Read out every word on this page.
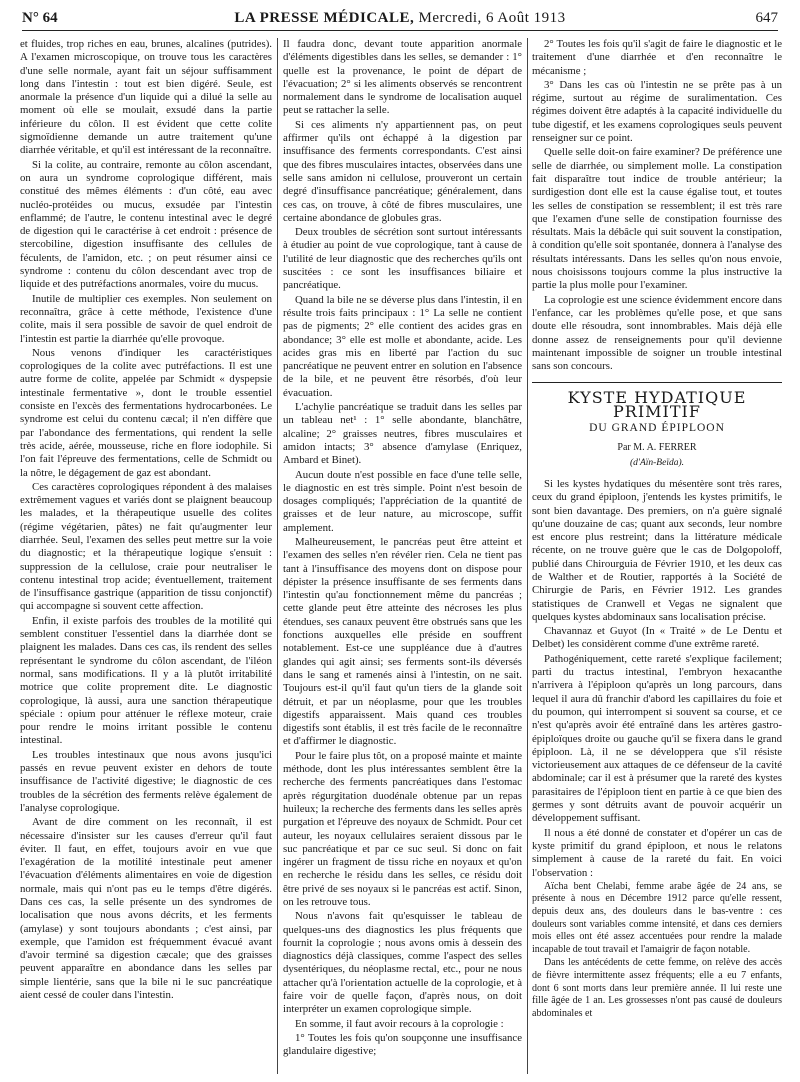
N° 64	LA PRESSE MÉDICALE, Mercredi, 6 Août 1913	647

et fluides, trop riches en eau, brunes, alcalines (putrides). A l'examen microscopique, on trouve tous les caractères d'une selle normale, ayant fait un séjour suffisamment long dans l'intestin : tout est bien digéré. Seule, est anormale la présence d'un liquide qui a dilué la selle au moment où elle se moulait, exsudé dans la partie inférieure du côlon. Il est évident que cette colite sigmoïdienne demande un autre traitement qu'une diarrhée véritable, et qu'il est intéressant de la reconnaître.

Si la colite, au contraire, remonte au côlon ascendant, on aura un syndrome coprologique différent, mais constitué des mêmes éléments : d'un côté, eau avec nucléo-protéides ou mucus, exsudée par l'intestin enflammé; de l'autre, le contenu intestinal avec le degré de digestion qui le caractérise à cet endroit : présence de stercobiline, digestion insuffisante des cellules de féculents, de l'amidon, etc. ; on peut résumer ainsi ce syndrome : contenu du côlon descendant avec trop de liquide et des putréfactions anormales, voire du mucus.

Inutile de multiplier ces exemples. Non seulement on reconnaîtra, grâce à cette méthode, l'existence d'une colite, mais il sera possible de savoir de quel endroit de l'intestin est partie la diarrhée qu'elle provoque.

Nous venons d'indiquer les caractéristiques coprologiques de la colite avec putréfactions. Il est une autre forme de colite, appelée par Schmidt « dyspepsie intestinale fermentative », dont le trouble essentiel consiste en l'excès des fermentations hydrocarbonées. Le syndrome est celui du contenu cæcal; il n'en diffère que par l'abondance des fermentations, qui rendent la selle très acide, aérée, mousseuse, riche en flore iodophile. Si l'on fait l'épreuve des fermentations, celle de Schmidt ou la nôtre, le dégagement de gaz est abondant.

Ces caractères coprologiques répondent à des malaises extrêmement vagues et variés dont se plaignent beaucoup les malades, et la thérapeutique usuelle des colites (régime végétarien, pâtes) ne fait qu'augmenter leur diarrhée. Seul, l'examen des selles peut mettre sur la voie du diagnostic; et la thérapeutique logique s'ensuit : suppression de la cellulose, craie pour neutraliser le contenu intestinal trop acide; éventuellement, traitement de l'insuffisance gastrique (apparition de tissu conjonctif) qui accompagne si souvent cette affection.

Enfin, il existe parfois des troubles de la motilité qui semblent constituer l'essentiel dans la diarrhée dont se plaignent les malades. Dans ces cas, ils rendent des selles représentant le syndrome du côlon ascendant, de l'iléon normal, sans modifications. Il y a là plutôt irritabilité motrice que colite proprement dite. Le diagnostic coprologique, là aussi, aura une sanction thérapeutique spéciale : opium pour atténuer le réflexe moteur, craie pour rendre le moins irritant possible le contenu intestinal.

Les troubles intestinaux que nous avons jusqu'ici passés en revue peuvent exister en dehors de toute insuffisance de l'activité digestive; le diagnostic de ces troubles de la sécrétion des ferments relève également de l'analyse coprologique.

Avant de dire comment on les reconnaît, il est nécessaire d'insister sur les causes d'erreur qu'il faut éviter. Il faut, en effet, toujours avoir en vue que l'exagération de la motilité intestinale peut amener l'évacuation d'éléments alimentaires en voie de digestion normale, mais qui n'ont pas eu le temps d'être digérés. Dans ces cas, la selle présente un des syndromes de localisation que nous avons décrits, et les ferments (amylase) y sont toujours abondants ; c'est ainsi, par exemple, que l'amidon est fréquemment évacué avant d'avoir terminé sa digestion cæcale; que des graisses peuvent apparaître en abondance dans les selles par simple lientérie, sans que la bile ni le suc pancréatique aient cessé de couler dans l'intestin.

Il faudra donc, devant toute apparition anormale d'éléments digestibles dans les selles, se demander : 1° quelle est la provenance, le point de départ de l'évacuation; 2° si les aliments observés se rencontrent normalement dans le syndrome de localisation auquel peut se rattacher la selle.

Si ces aliments n'y appartiennent pas, on peut affirmer qu'ils ont échappé à la digestion par insuffisance des ferments correspondants. C'est ainsi que des fibres musculaires intactes, observées dans une selle sans amidon ni cellulose, prouveront un certain degré d'insuffisance pancréatique; généralement, dans ces cas, on trouve, à côté de fibres musculaires, une certaine abondance de globules gras.

Deux troubles de sécrétion sont surtout intéressants à étudier au point de vue coprologique, tant à cause de l'utilité de leur diagnostic que des recherches qu'ils ont suscitées : ce sont les insuffisances biliaire et pancréatique.

Quand la bile ne se déverse plus dans l'intestin, il en résulte trois faits principaux : 1° La selle ne contient pas de pigments; 2° elle contient des acides gras en abondance; 3° elle est molle et abondante, acide. Les acides gras mis en liberté par l'action du suc pancréatique ne peuvent entrer en solution en l'absence de la bile, et ne peuvent être résorbés, d'où leur évacuation.

L'achylie pancréatique se traduit dans les selles par un tableau net¹ : 1° selle abondante, blanchâtre, alcaline; 2° graisses neutres, fibres musculaires et amidon intacts; 3° absence d'amylase (Enriquez, Ambard et Binet).

Aucun doute n'est possible en face d'une telle selle, le diagnostic en est très simple. Point n'est besoin de dosages compliqués; l'appréciation de la quantité de graisses et de leur nature, au microscope, suffit amplement.

Malheureusement, le pancréas peut être atteint et l'examen des selles n'en révéler rien. Cela ne tient pas tant à l'insuffisance des moyens dont on dispose pour dépister la présence insuffisante de ses ferments dans l'intestin qu'au fonctionnement même du pancréas ; cette glande peut être atteinte des nécroses les plus étendues, ses canaux peuvent être obstrués sans que les fonctions auxquelles elle préside en souffrent notablement. Est-ce une suppléance due à d'autres glandes qui agit ainsi; ses ferments sont-ils déversés dans le sang et ramenés ainsi à l'intestin, on ne sait. Toujours est-il qu'il faut qu'un tiers de la glande soit détruit, et par un néoplasme, pour que les troubles digestifs apparaissent. Mais quand ces troubles digestifs sont établis, il est très facile de le reconnaître et d'affirmer le diagnostic.

Pour le faire plus tôt, on a proposé mainte et mainte méthode, dont les plus intéressantes semblent être la recherche des ferments pancréatiques dans l'estomac après régurgitation duodénale obtenue par un repas huileux; la recherche des ferments dans les selles après purgation et l'épreuve des noyaux de Schmidt. Pour cet auteur, les noyaux cellulaires seraient dissous par le suc pancréatique et par ce suc seul. Si donc on fait ingérer un fragment de tissu riche en noyaux et qu'on en recherche le résidu dans les selles, ce résidu doit être privé de ses noyaux si le pancréas est actif. Sinon, on les retrouve tous.

Nous n'avons fait qu'esquisser le tableau de quelques-uns des diagnostics les plus fréquents que fournit la coprologie ; nous avons omis à dessein des diagnostics déjà classiques, comme l'aspect des selles dysentériques, du néoplasme rectal, etc., pour ne nous attacher qu'à l'orientation actuelle de la coprologie, et à faire voir de quelle façon, d'après nous, on doit interpréter un examen coprologique simple.

En somme, il faut avoir recours à la coprologie :

1° Toutes les fois qu'on soupçonne une insuffisance glandulaire digestive;

2° Toutes les fois qu'il s'agit de faire le diagnostic et le traitement d'une diarrhée et d'en reconnaître le mécanisme ;

3° Dans les cas où l'intestin ne se prête pas à un régime, surtout au régime de suralimentation. Ces régimes doivent être adaptés à la capacité individuelle du tube digestif, et les examens coprologiques seuls peuvent renseigner sur ce point.

Quelle selle doit-on faire examiner? De préférence une selle de diarrhée, ou simplement molle. La constipation fait disparaître tout indice de trouble antérieur; la surdigestion dont elle est la cause égalise tout, et toutes les selles de constipation se ressemblent; il est très rare que l'examen d'une selle de constipation fournisse des résultats. Mais la débâcle qui suit souvent la constipation, à condition qu'elle soit spontanée, donnera à l'analyse des résultats intéressants. Dans les selles qu'on nous envoie, nous choisissons toujours comme la plus instructive la partie la plus molle pour l'examiner.

La coprologie est une science évidemment encore dans l'enfance, car les problèmes qu'elle pose, et que sans doute elle résoudra, sont innombrables. Mais déjà elle donne assez de renseignements pour qu'il devienne maintenant impossible de soigner un trouble intestinal sans son concours.

KYSTE HYDATIQUE PRIMITIF
DU GRAND ÉPIPLOON
Par M. A. FERRER
(d'Aïn-Beïda).

Si les kystes hydatiques du mésentère sont très rares, ceux du grand épiploon, j'entends les kystes primitifs, le sont bien davantage. Des premiers, on n'a guère signalé qu'une douzaine de cas; quant aux seconds, leur nombre est encore plus restreint; dans la littérature médicale récente, on ne trouve guère que le cas de Dolgopoloff, publié dans Chirourguia de Février 1910, et les deux cas de Walther et de Routier, rapportés à la Société de Chirurgie de Paris, en Février 1912. Les grandes statistiques de Cranwell et Vegas ne signalent que quelques kystes abdominaux sans localisation précise.

Chavannaz et Guyot (In « Traité » de Le Dentu et Delbet) les considèrent comme d'une extrême rareté.

Pathogéniquement, cette rareté s'explique facilement; parti du tractus intestinal, l'embryon hexacanthe n'arrivera à l'épiploon qu'après un long parcours, dans lequel il aura dû franchir d'abord les capillaires du foie et du poumon, qui interrompent si souvent sa course, et ce n'est qu'après avoir été entraîné dans les artères gastro-épiploïques droite ou gauche qu'il se fixera dans le grand épiploon. Là, il ne se développera que s'il résiste victorieusement aux attaques de ce défenseur de la cavité abdominale; car il est à présumer que la rareté des kystes parasitaires de l'épiploon tient en partie à ce que bien des germes y sont détruits avant de pouvoir acquérir un développement suffisant.

Il nous a été donné de constater et d'opérer un cas de kyste primitif du grand épiploon, et nous le relatons simplement à cause de la rareté du fait. En voici l'observation :

Aïcha bent Chelabi, femme arabe âgée de 24 ans, se présente à nous en Décembre 1912 parce qu'elle ressent, depuis deux ans, des douleurs dans le bas-ventre : ces douleurs sont variables comme intensité, et dans ces derniers mois elles ont été assez accentuées pour rendre la malade incapable de tout travail et l'amaigrir de façon notable.

Dans les antécédents de cette femme, on relève des accès de fièvre intermittente assez fréquents; elle a eu 7 enfants, dont 6 sont morts dans leur première année. Il lui reste une fille âgée de 1 an. Les grossesses n'ont pas causé de douleurs abdominales et
